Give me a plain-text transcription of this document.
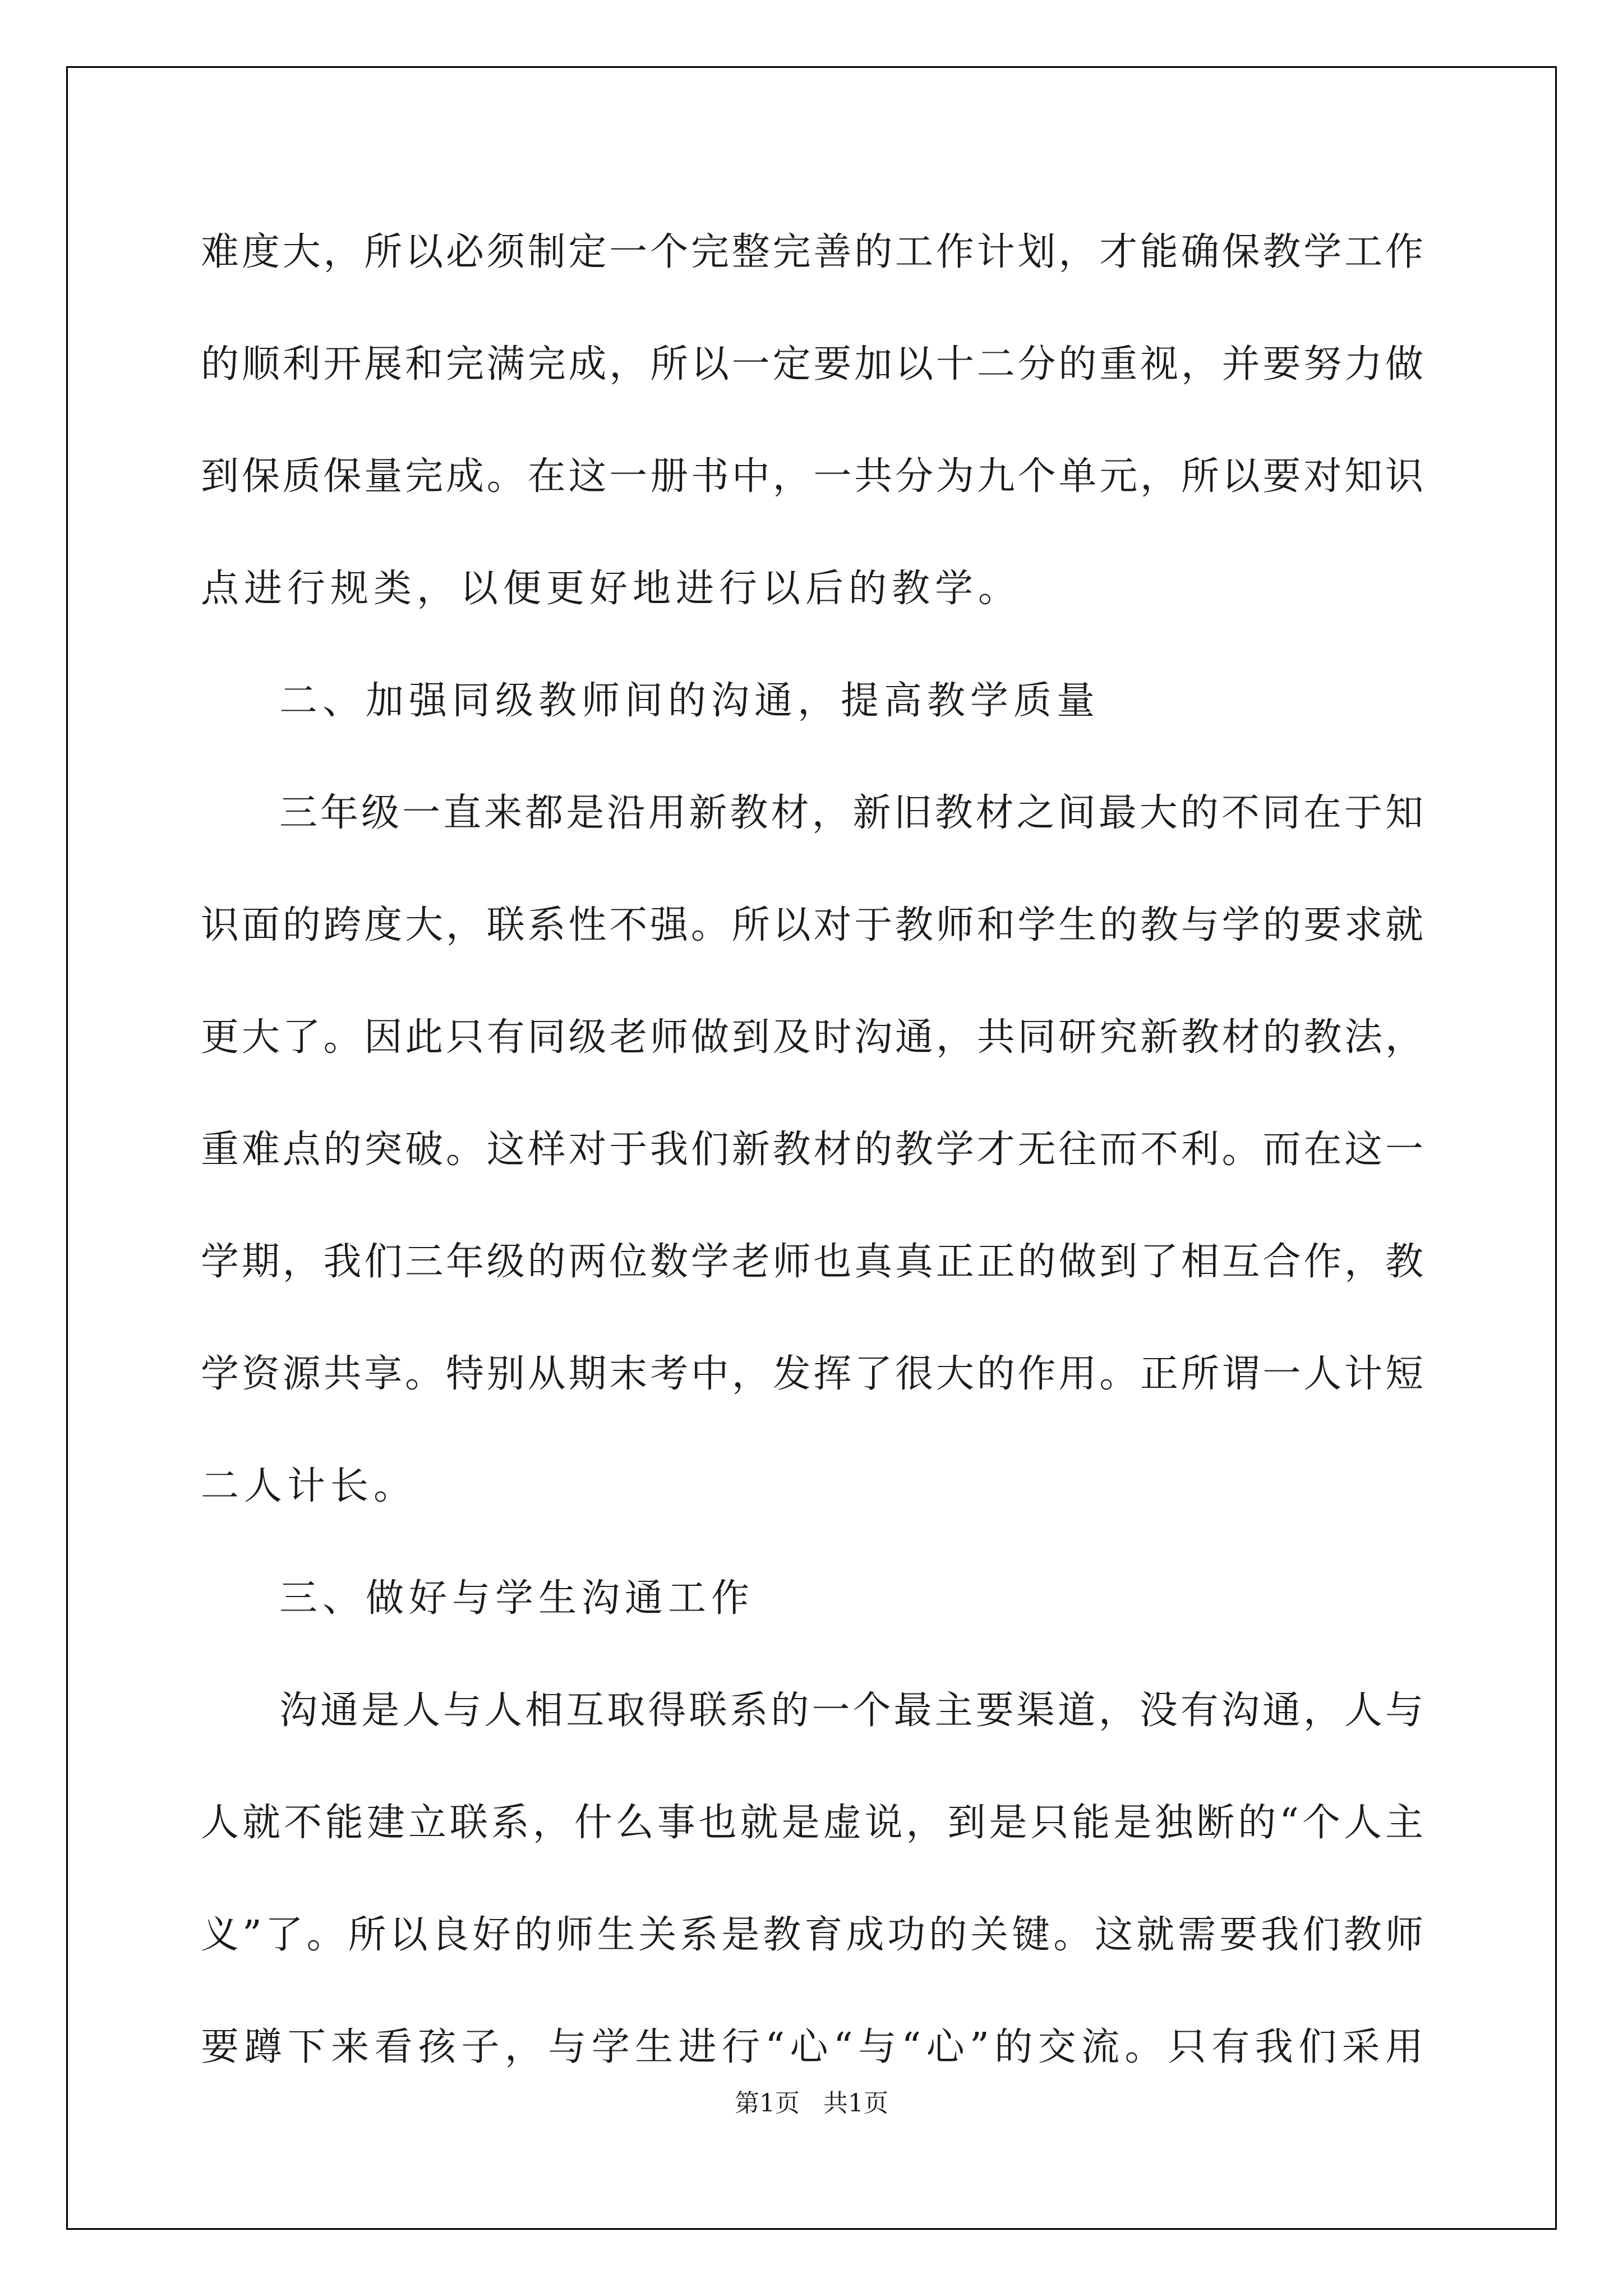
难度大，所以必须制定一个完整完善的工作计划，才能确保教学工作
的顺利开展和完满完成，所以一定要加以十二分的重视，并要努力做
到保质保量完成。在这一册书中，一共分为九个单元，所以要对知识
点进行规类，以便更好地进行以后的教学。
二、加强同级教师间的沟通，提高教学质量
三年级一直来都是沿用新教材，新旧教材之间最大的不同在于知
识面的跨度大，联系性不强。所以对于教师和学生的教与学的要求就
更大了。因此只有同级老师做到及时沟通，共同研究新教材的教法，
重难点的突破。这样对于我们新教材的教学才无往而不利。而在这一
学期，我们三年级的两位数学老师也真真正正的做到了相互合作，教
学资源共享。特别从期末考中，发挥了很大的作用。正所谓一人计短
二人计长。
三、做好与学生沟通工作
沟通是人与人相互取得联系的一个最主要渠道，没有沟通，人与
人就不能建立联系，什么事也就是虚说，到是只能是独断的“个人主
义”了。所以良好的师生关系是教育成功的关键。这就需要我们教师
要蹲下来看孩子，与学生进行“心“与“心”的交流。只有我们采用
第1页 共1页
